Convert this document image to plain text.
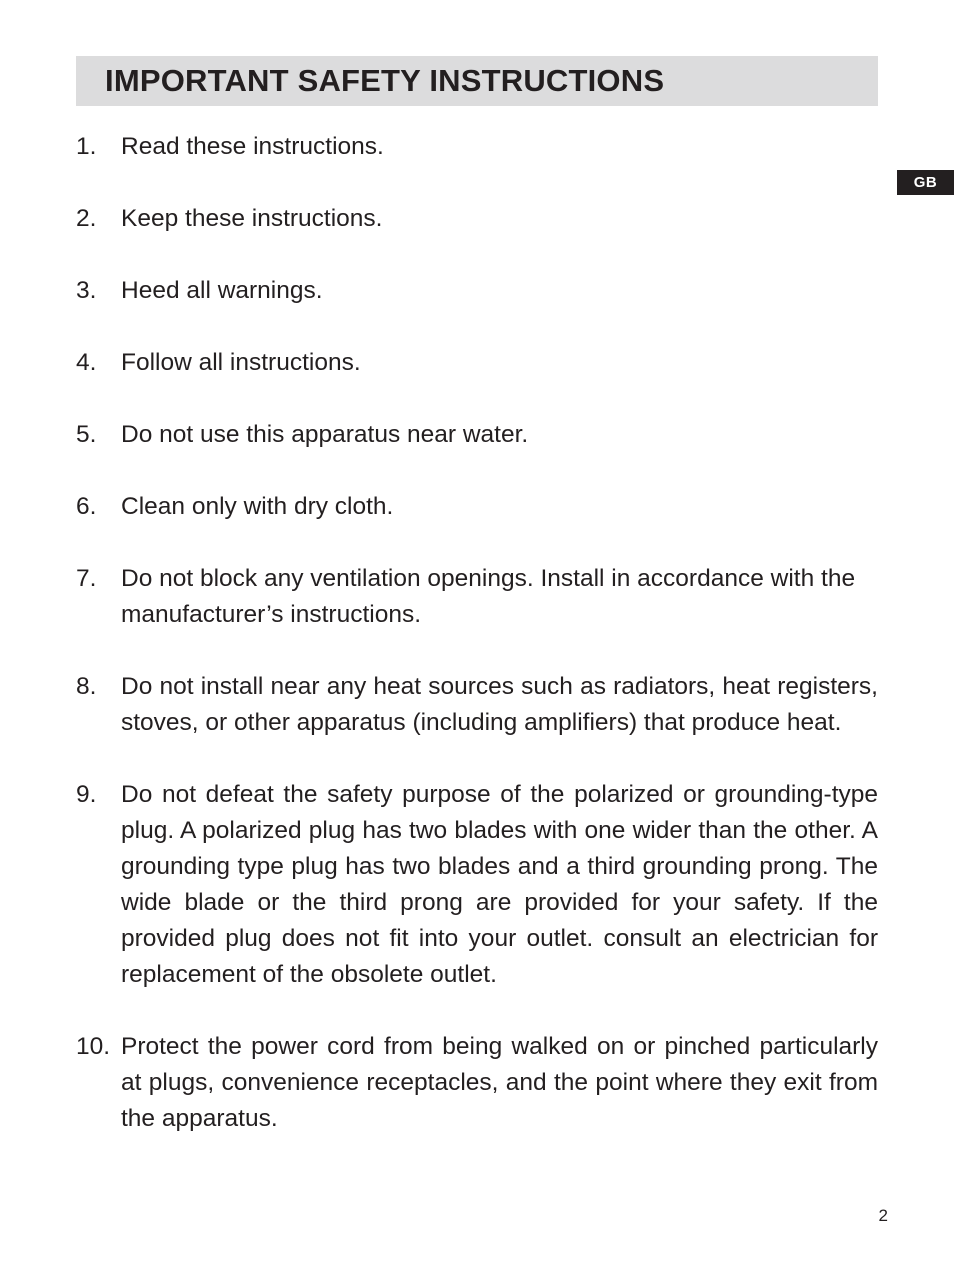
IMPORTANT SAFETY INSTRUCTIONS
GB
1. Read these instructions.
2. Keep these instructions.
3. Heed all warnings.
4. Follow all instructions.
5. Do not use this apparatus near water.
6. Clean only with dry cloth.
7. Do not block any ventilation openings. Install in accordance with the manufacturer’s instructions.
8. Do not install near any heat sources such as radiators, heat registers, stoves, or other apparatus (including amplifiers) that produce heat.
9. Do not defeat the safety purpose of the polarized or grounding-type plug. A polarized plug has two blades with one wider than the other. A grounding type plug has two blades and a third grounding prong. The wide blade or the third prong are provided for your safety. If the provided plug does not fit into your outlet. consult an electrician for replacement of the obsolete outlet.
10. Protect the power cord from being walked on or pinched particularly at plugs, convenience receptacles, and the point where they exit from the apparatus.
2
